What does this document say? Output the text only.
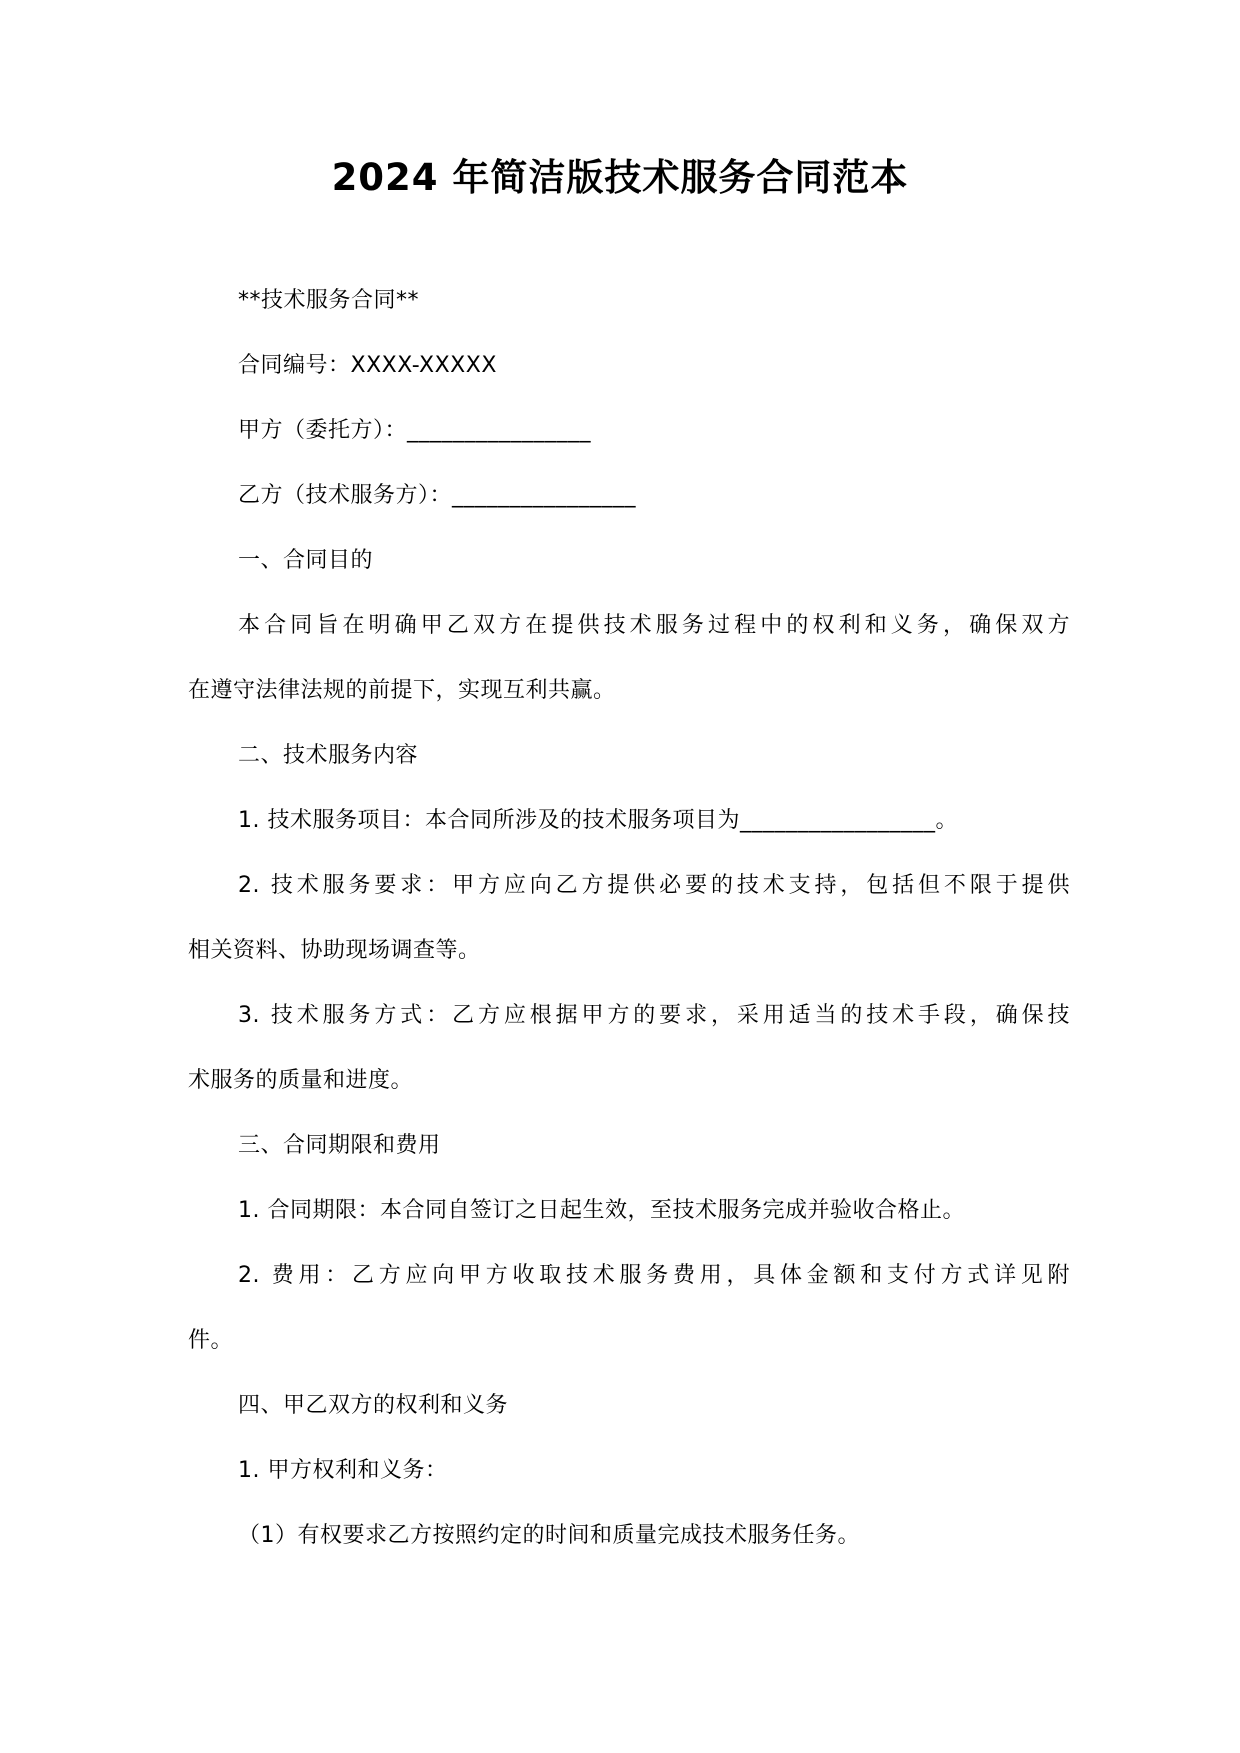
2024 年简洁版技术服务合同范本
**技术服务合同**
合同编号：XXXX-XXXXX
甲方（委托方）：________________
乙方（技术服务方）：________________
一、合同目的
本合同旨在明确甲乙双方在提供技术服务过程中的权利和义务，确保双方
在遵守法律法规的前提下，实现互利共赢。
二、技术服务内容
1. 技术服务项目：本合同所涉及的技术服务项目为_________________。
2. 技术服务要求：甲方应向乙方提供必要的技术支持，包括但不限于提供
相关资料、协助现场调查等。
3. 技术服务方式：乙方应根据甲方的要求，采用适当的技术手段，确保技
术服务的质量和进度。
三、合同期限和费用
1. 合同期限：本合同自签订之日起生效，至技术服务完成并验收合格止。
2. 费用：乙方应向甲方收取技术服务费用，具体金额和支付方式详见附
件。
四、甲乙双方的权利和义务
1. 甲方权利和义务：
（1）有权要求乙方按照约定的时间和质量完成技术服务任务。
